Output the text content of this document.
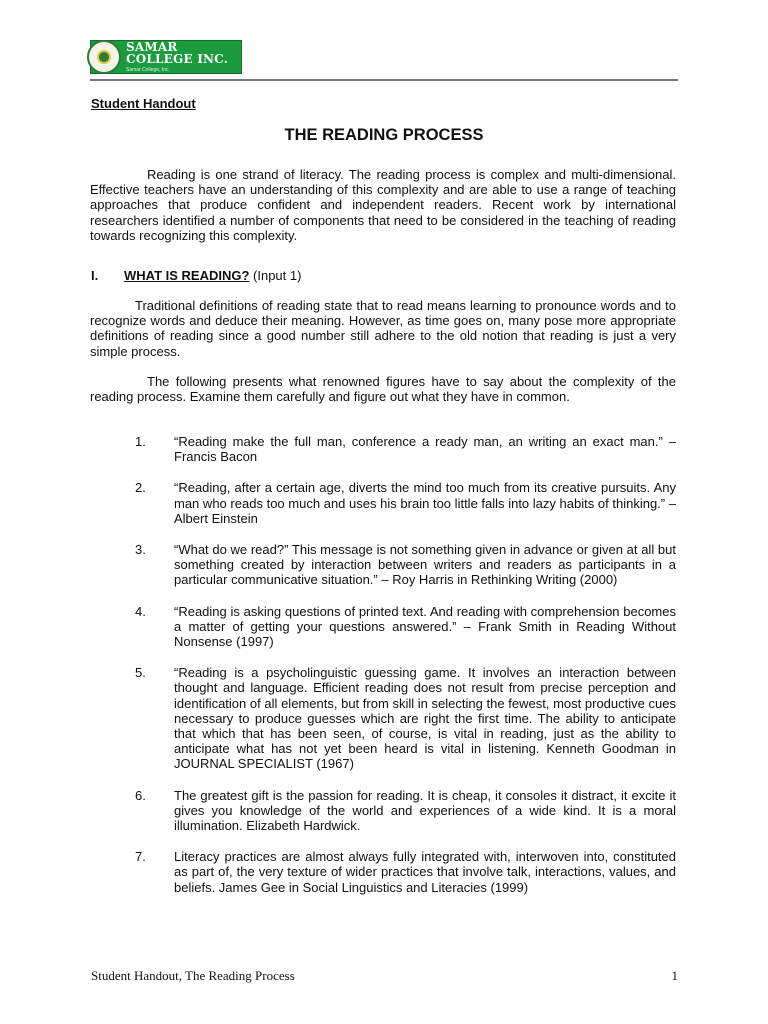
SAMAR COLLEGE INC.
Samar College, Inc.
Student Handout
THE READING PROCESS

Reading is one strand of literacy. The reading process is complex and multi-dimensional. Effective teachers have an understanding of this complexity and are able to use a range of teaching approaches that produce confident and independent readers. Recent work by international researchers identified a number of components that need to be considered in the teaching of reading towards recognizing this complexity.

I. WHAT IS READING? (Input 1)

Traditional definitions of reading state that to read means learning to pronounce words and to recognize words and deduce their meaning. However, as time goes on, many pose more appropriate definitions of reading since a good number still adhere to the old notion that reading is just a very simple process.

The following presents what renowned figures have to say about the complexity of the reading process. Examine them carefully and figure out what they have in common.

1. “Reading make the full man, conference a ready man, an writing an exact man.” – Francis Bacon
2. “Reading, after a certain age, diverts the mind too much from its creative pursuits. Any man who reads too much and uses his brain too little falls into lazy habits of thinking.” – Albert Einstein
3. “What do we read?” This message is not something given in advance or given at all but something created by interaction between writers and readers as participants in a particular communicative situation.” – Roy Harris in Rethinking Writing (2000)
4. “Reading is asking questions of printed text. And reading with comprehension becomes a matter of getting your questions answered.” – Frank Smith in Reading Without Nonsense (1997)
5. “Reading is a psycholinguistic guessing game. It involves an interaction between thought and language. Efficient reading does not result from precise perception and identification of all elements, but from skill in selecting the fewest, most productive cues necessary to produce guesses which are right the first time. The ability to anticipate that which that has been seen, of course, is vital in reading, just as the ability to anticipate what has not yet been heard is vital in listening. Kenneth Goodman in JOURNAL SPECIALIST (1967)
6. The greatest gift is the passion for reading. It is cheap, it consoles it distract, it excite it gives you knowledge of the world and experiences of a wide kind. It is a moral illumination. Elizabeth Hardwick.
7. Literacy practices are almost always fully integrated with, interwoven into, constituted as part of, the very texture of wider practices that involve talk, interactions, values, and beliefs. James Gee in Social Linguistics and Literacies (1999)
Student Handout, The Reading Process	1
